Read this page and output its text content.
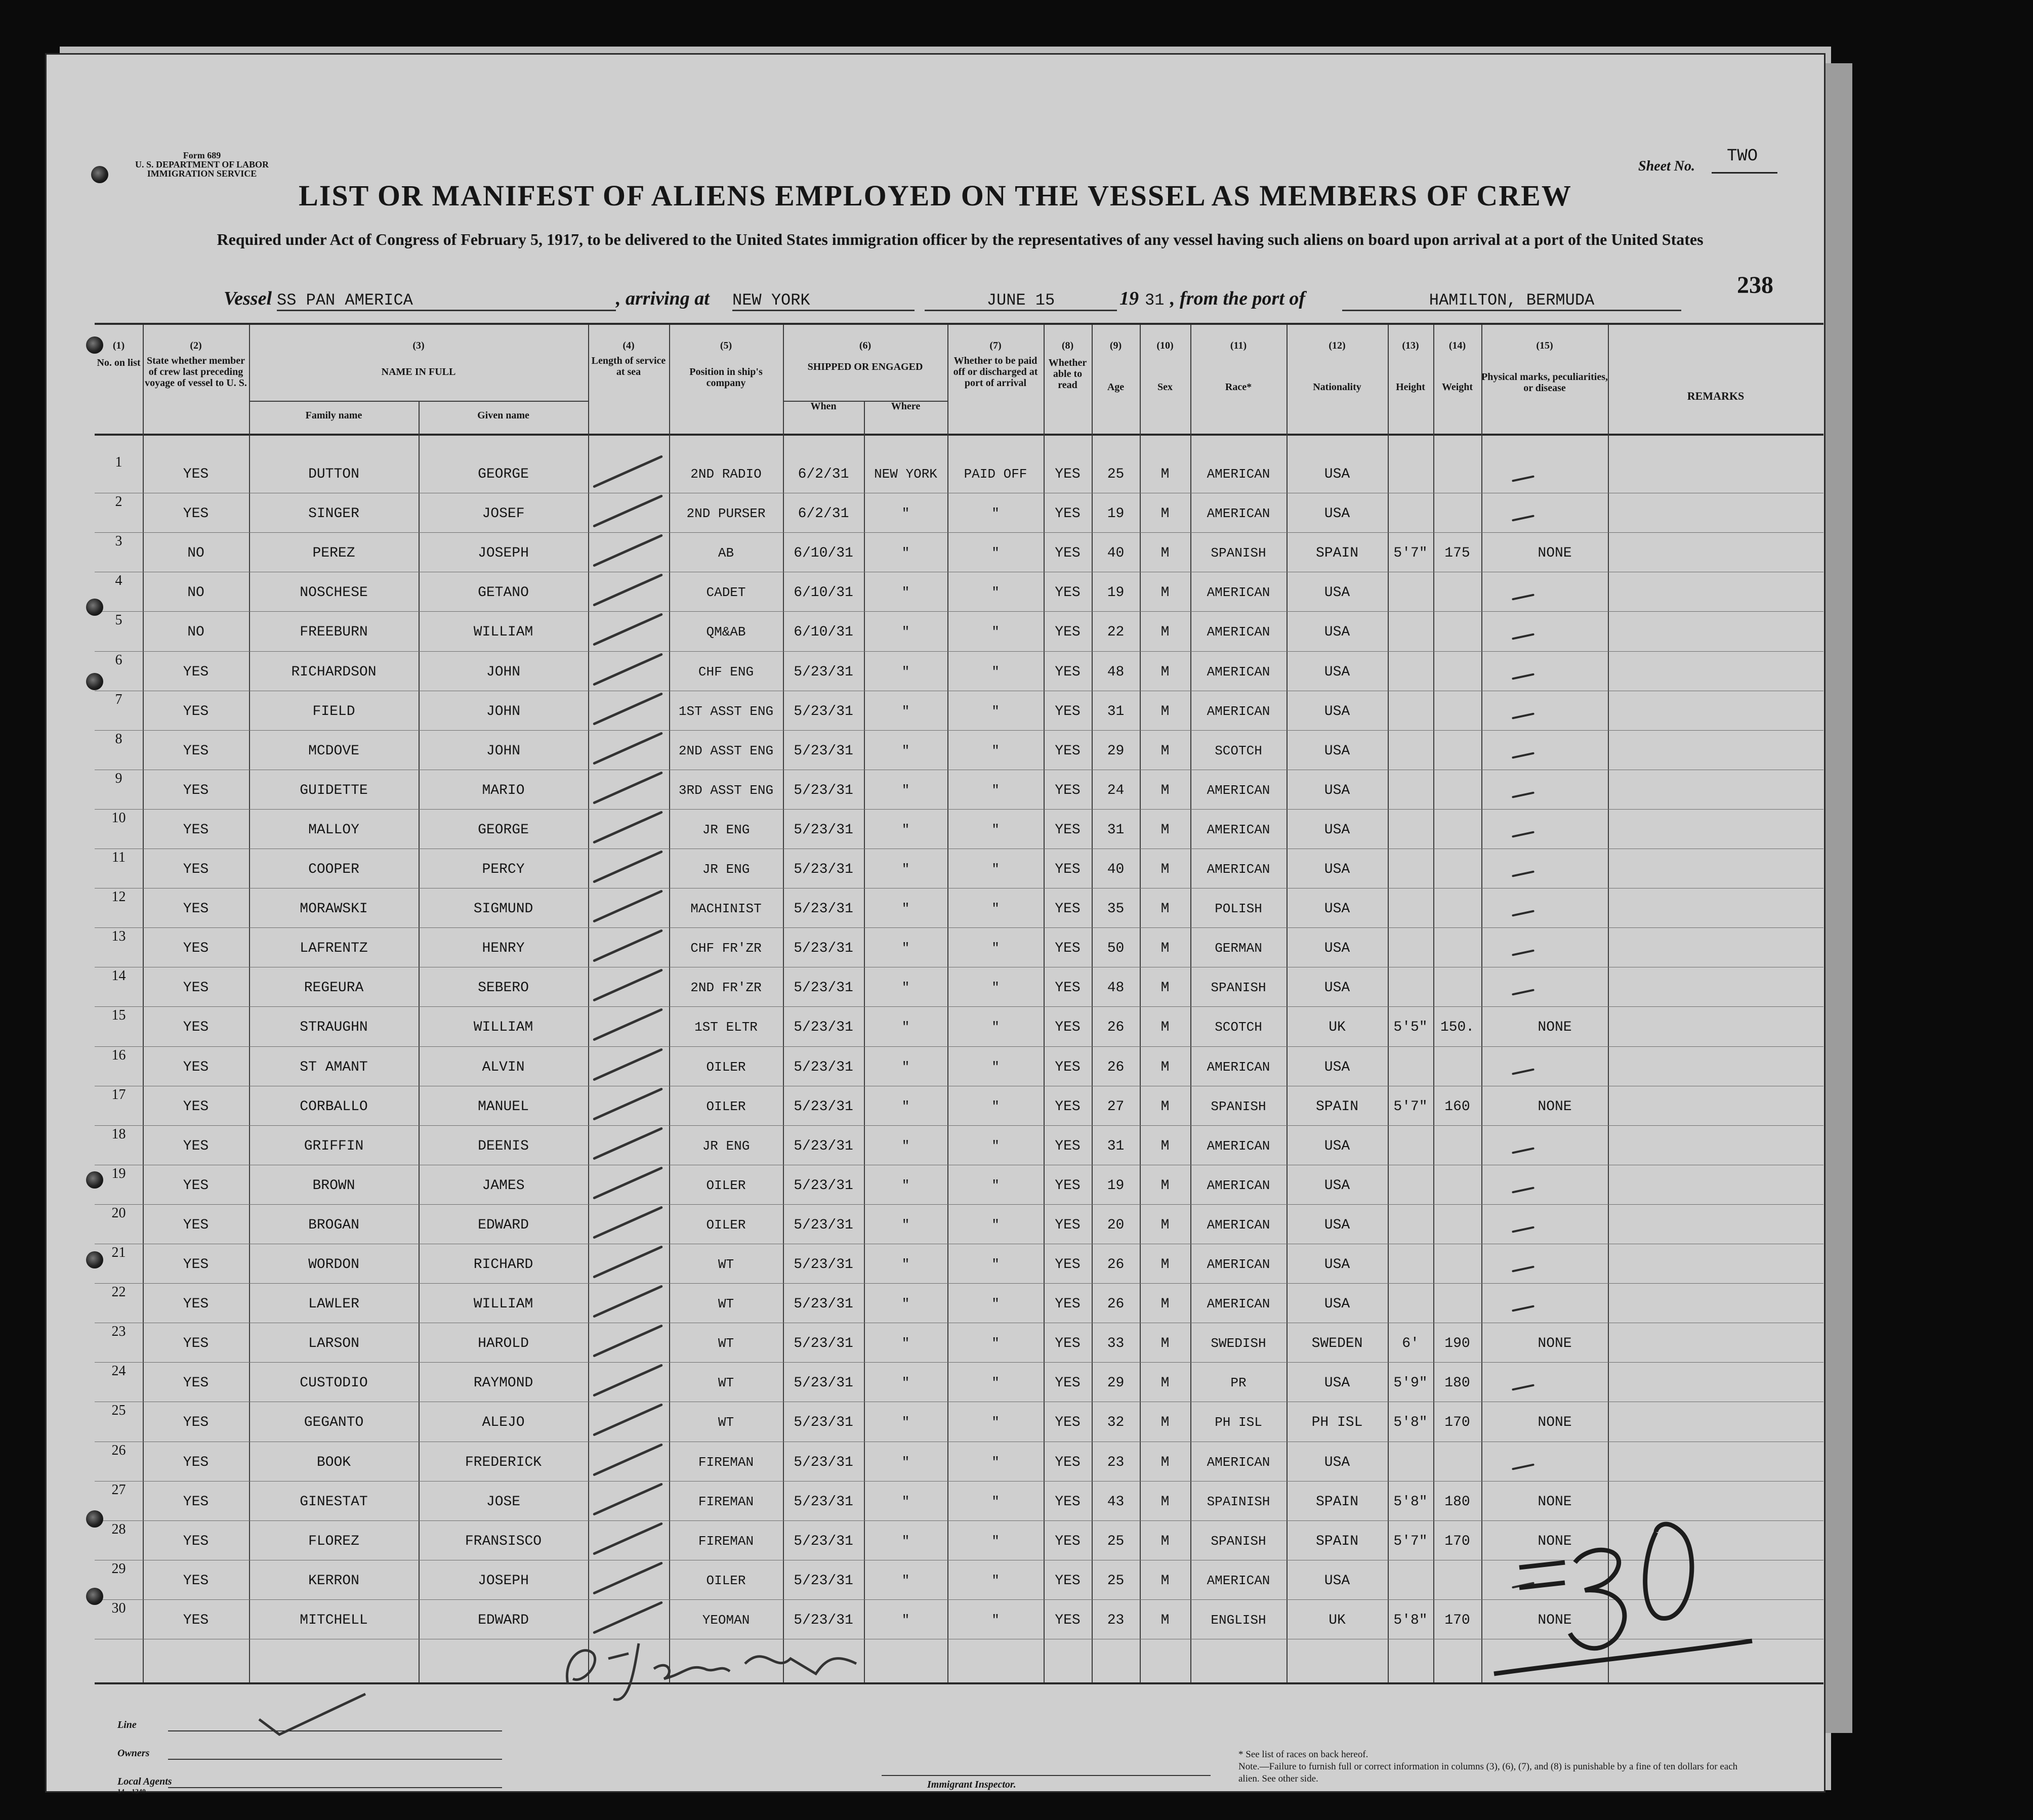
Form 689
U. S. DEPARTMENT OF LABOR
IMMIGRATION SERVICE	Sheet No.
TWO
LIST OR MANIFEST OF ALIENS EMPLOYED ON THE VESSEL AS MEMBERS OF CREW
Required under Act of Congress of February 5, 1917, to be delivered to the United States immigration officer by the representatives of any vessel having such aliens on board upon arrival at a port of the United States
238
Vessel SS PAN AMERICA	, arriving at NEW YORK	JUNE 15	19 31 , from the port of	HAMILTON, BERMUDA
(1)
No. on list
(2)
State whether member of crew last preceding voyage of vessel to U. S.
(3)
NAME IN FULL
Family name	Given name
(4)
Length of service at sea
(5)
Position in ship's company
(6)
SHIPPED OR ENGAGED
When	Where
(7)
Whether to be paid off or discharged at port of arrival
(8)
Whether able to read
(9)
Age
(10)
Sex
(11)
Race*
(12)
Nationality
(13)
Height
(14)
Weight
(15)
Physical marks, peculiarities, or disease
REMARKS
1
YES	DUTTON	GEORGE	2ND RADIO	6/2/31	NEW YORK	PAID OFF	YES	25	M	AMERICAN	USA
2
YES	SINGER	JOSEF	2ND PURSER	6/2/31	"	"	YES	19	M	AMERICAN	USA
3
NO	PEREZ	JOSEPH	AB	6/10/31	"	"	YES	40	M	SPANISH	SPAIN	5'7"	175	NONE
4
NO	NOSCHESE	GETANO	CADET	6/10/31	"	"	YES	19	M	AMERICAN	USA
5
NO	FREEBURN	WILLIAM	QM&AB	6/10/31	"	"	YES	22	M	AMERICAN	USA
6
YES	RICHARDSON	JOHN	CHF ENG	5/23/31	"	"	YES	48	M	AMERICAN	USA
7
YES	FIELD	JOHN	1ST ASST ENG	5/23/31	"	"	YES	31	M	AMERICAN	USA
8
YES	MCDOVE	JOHN	2ND ASST ENG	5/23/31	"	"	YES	29	M	SCOTCH	USA
9
YES	GUIDETTE	MARIO	3RD ASST ENG	5/23/31	"	"	YES	24	M	AMERICAN	USA
10
YES	MALLOY	GEORGE	JR ENG	5/23/31	"	"	YES	31	M	AMERICAN	USA
11
YES	COOPER	PERCY	JR ENG	5/23/31	"	"	YES	40	M	AMERICAN	USA
12
YES	MORAWSKI	SIGMUND	MACHINIST	5/23/31	"	"	YES	35	M	POLISH	USA
13
YES	LAFRENTZ	HENRY	CHF FR'ZR	5/23/31	"	"	YES	50	M	GERMAN	USA
14
YES	REGEURA	SEBERO	2ND FR'ZR	5/23/31	"	"	YES	48	M	SPANISH	USA
15
YES	STRAUGHN	WILLIAM	1ST ELTR	5/23/31	"	"	YES	26	M	SCOTCH	UK	5'5" 150.	NONE
16
YES	ST AMANT	ALVIN	OILER	5/23/31	"	"	YES	26	M	AMERICAN	USA
17
YES	CORBALLO	MANUEL	OILER	5/23/31	"	"	YES	27	M	SPANISH	SPAIN	5'7"	160	NONE
18
YES	GRIFFIN	DEENIS	JR ENG	5/23/31	"	"	YES	31	M	AMERICAN	USA
19
YES	BROWN	JAMES	OILER	5/23/31	"	"	YES	19	M	AMERICAN	USA
20
YES	BROGAN	EDWARD	OILER	5/23/31	"	"	YES	20	M	AMERICAN	USA
21
YES	WORDON	RICHARD	WT	5/23/31	"	"	YES	26	M	AMERICAN	USA
22
YES	LAWLER	WILLIAM	WT	5/23/31	"	"	YES	26	M	AMERICAN	USA
23
YES	LARSON	HAROLD	WT	5/23/31	"	"	YES	33	M	SWEDISH	SWEDEN	6'	190	NONE
24
YES	CUSTODIO	RAYMOND	WT	5/23/31	"	"	YES	29	M	PR	USA	5'9"	180
25
YES	GEGANTO	ALEJO	WT	5/23/31	"	"	YES	32	M	PH ISL	PH ISL	5'8"	170	NONE
26
YES	BOOK	FREDERICK	FIREMAN	5/23/31	"	"	YES	23	M	AMERICAN	USA
27
YES	GINESTAT	JOSE	FIREMAN	5/23/31	"	"	YES	43	M	SPAINISH	SPAIN	5'8"	180	NONE
28
YES	FLOREZ	FRANSISCO	FIREMAN	5/23/31	"	"	YES	25	M	SPANISH	SPAIN	5'7"	170	NONE
29
YES	KERRON	JOSEPH	OILER	5/23/31	"	"	YES	25	M	AMERICAN	USA
30
YES	MITCHELL	EDWARD	YEOMAN	5/23/31	"	"	YES	23	M	ENGLISH	UK	5'8"	170	NONE
Line
Owners
Local Agents
14—1240
Immigrant Inspector.
* See list of races on back hereof.
Note.—Failure to furnish full or correct information in columns (3), (6), (7), and (8) is punishable by a fine of ten dollars for each alien. See other side.
